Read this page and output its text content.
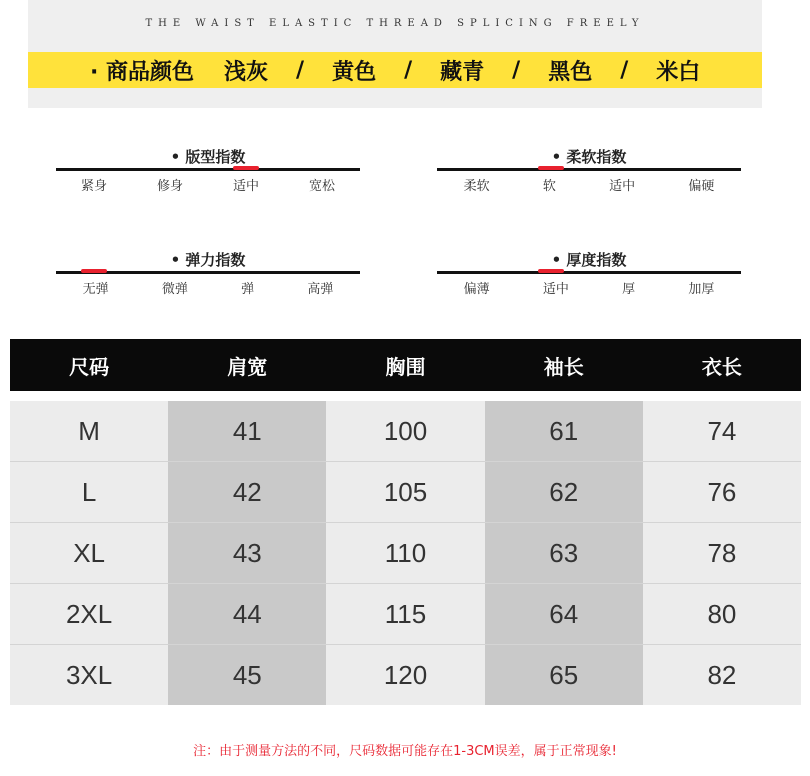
THE WAIST ELASTIC THREAD SPLICING FREELY
· 商品颜色 浅灰 / 黄色 / 藏青 / 黑色 / 米白
• 版型指数
紧身	修身	适中	宽松
• 柔软指数
柔软	软	适中	偏硬
• 弹力指数
无弹	微弹	弹	高弹
• 厚度指数
偏薄	适中	厚	加厚
尺码	肩宽	胸围	袖长	衣长
M	41	100	61	74
L	42	105	62	76
XL	43	110	63	78
2XL	44	115	64	80
3XL	45	120	65	82
注：由于测量方法的不同，尺码数据可能存在1-3CM误差，属于正常现象!
